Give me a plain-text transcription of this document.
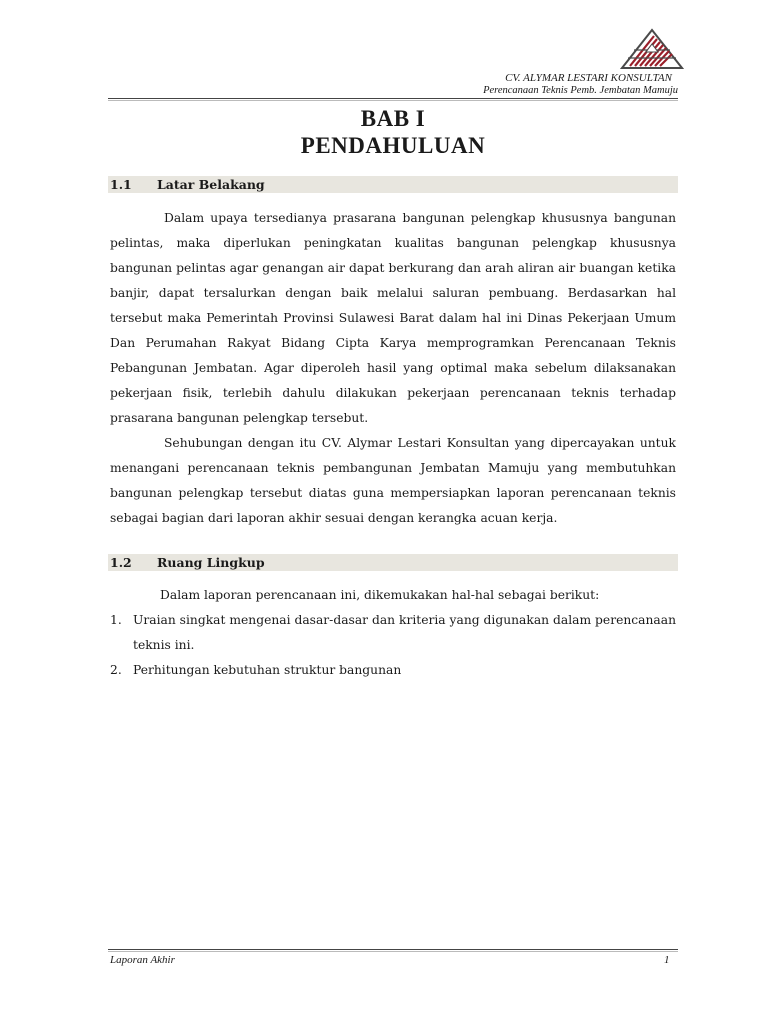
CV. ALYMAR LESTARI KONSULTAN
Perencanaan Teknis Pemb. Jembatan Mamuju
BAB I
PENDAHULUAN
1.1 Latar Belakang

Dalam upaya tersedianya prasarana bangunan pelengkap khususnya bangunan pelintas, maka diperlukan peningkatan kualitas bangunan pelengkap khususnya bangunan pelintas agar genangan air dapat berkurang dan arah aliran air buangan ketika banjir, dapat tersalurkan dengan baik melalui saluran pembuang. Berdasarkan hal tersebut maka Pemerintah Provinsi Sulawesi Barat dalam hal ini Dinas Pekerjaan Umum Dan Perumahan Rakyat Bidang Cipta Karya memprogramkan Perencanaan Teknis Pebangunan Jembatan. Agar diperoleh hasil yang optimal maka sebelum dilaksanakan pekerjaan fisik, terlebih dahulu dilakukan pekerjaan perencanaan teknis terhadap prasarana bangunan pelengkap tersebut.

Sehubungan dengan itu CV. Alymar Lestari Konsultan yang dipercayakan untuk menangani perencanaan teknis pembangunan Jembatan Mamuju yang membutuhkan bangunan pelengkap tersebut diatas guna mempersiapkan laporan perencanaan teknis sebagai bagian dari laporan akhir sesuai dengan kerangka acuan kerja.

1.2 Ruang Lingkup

Dalam laporan perencanaan ini, dikemukakan hal-hal sebagai berikut:

1. Uraian singkat mengenai dasar-dasar dan kriteria yang digunakan dalam perencanaan teknis ini.
2. Perhitungan kebutuhan struktur bangunan
Laporan Akhir	1
